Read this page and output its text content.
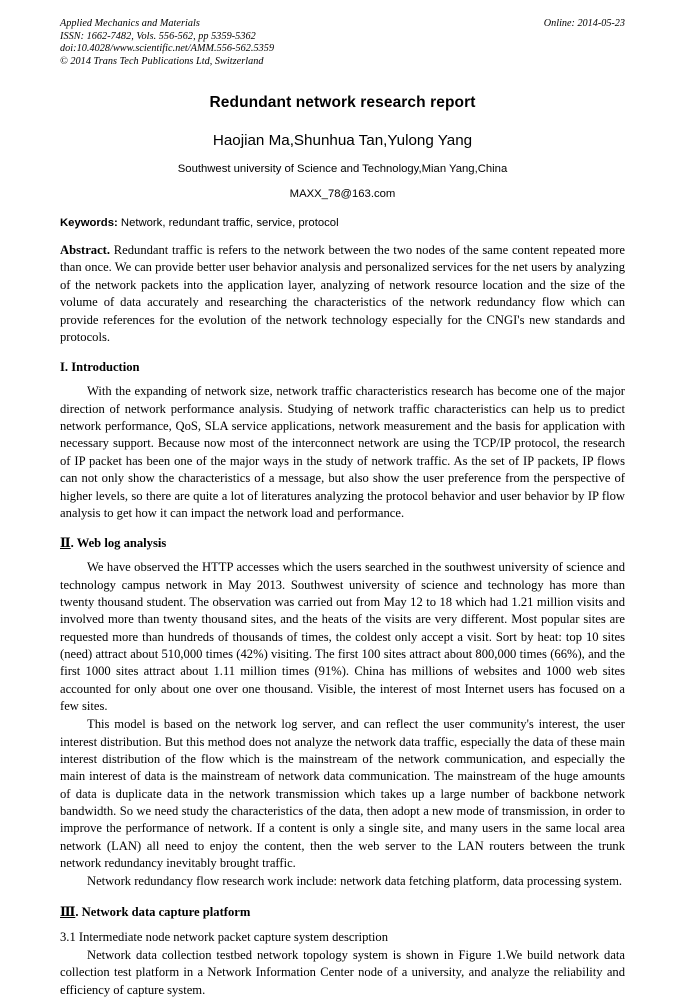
Applied Mechanics and Materials
ISSN: 1662-7482, Vols. 556-562, pp 5359-5362
doi:10.4028/www.scientific.net/AMM.556-562.5359
© 2014 Trans Tech Publications Ltd, Switzerland
Online: 2014-05-23
Redundant network research report
Haojian Ma,Shunhua Tan,Yulong Yang
Southwest university of Science and Technology,Mian Yang,China
MAXX_78@163.com
Keywords: Network, redundant traffic, service, protocol
Abstract. Redundant traffic is refers to the network between the two nodes of the same content repeated more than once. We can provide better user behavior analysis and personalized services for the net users by analyzing of the network packets into the application layer, analyzing of network resource location and the size of the volume of data accurately and researching the characteristics of the network redundancy flow which can provide references for the evolution of the network technology especially for the CNGI's new standards and protocols.
I. Introduction

With the expanding of network size, network traffic characteristics research has become one of the major direction of network performance analysis. Studying of network traffic characteristics can help us to predict network performance, QoS, SLA service applications, network measurement and the basis for application with necessary support. Because now most of the interconnect network are using the TCP/IP protocol, the research of IP packet has been one of the major ways in the study of network traffic. As the set of IP packets, IP flows can not only show the characteristics of a message, but also show the user preference from the perspective of higher levels, so there are quite a lot of literatures analyzing the protocol behavior and user behavior by IP flow analysis to get how it can impact the network load and performance.

Ⅱ. Web log analysis

We have observed the HTTP accesses which the users searched in the southwest university of science and technology campus network in May 2013. Southwest university of science and technology has more than twenty thousand student. The observation was carried out from May 12 to 18 which had 1.21 million visits and involved more than twenty thousand sites, and the heats of the visits are very different. Most popular sites are requested more than hundreds of thousands of times, the coldest only accept a visit. Sort by heat: top 10 sites (need) attract about 510,000 times (42%) visiting. The first 100 sites attract about 800,000 times (66%), and the first 1000 sites attract about 1.11 million times (91%). China has millions of websites and 1000 web sites accounted for only about one over one thousand. Visible, the interest of most Internet users has focused on a few sites.

This model is based on the network log server, and can reflect the user community's interest, the user interest distribution. But this method does not analyze the network data traffic, especially the data of these main interest distribution of the flow which is the mainstream of the network communication, and especially the main interest of data is the mainstream of network data communication. The mainstream of the huge amounts of data is duplicate data in the network transmission which takes up a large number of backbone network bandwidth. So we need study the characteristics of the data, then adopt a new mode of transmission, in order to improve the performance of network. If a content is only a single site, and many users in the same local area network (LAN) all need to enjoy the content, then the web server to the LAN routers between the trunk network redundancy inevitably brought traffic.

Network redundancy flow research work include: network data fetching platform, data processing system.

Ⅲ. Network data capture platform

3.1 Intermediate node network packet capture system description

Network data collection testbed network topology system is shown in Figure 1.We build network data collection test platform in a Network Information Center node of a university, and analyze the reliability and efficiency of capture system.
